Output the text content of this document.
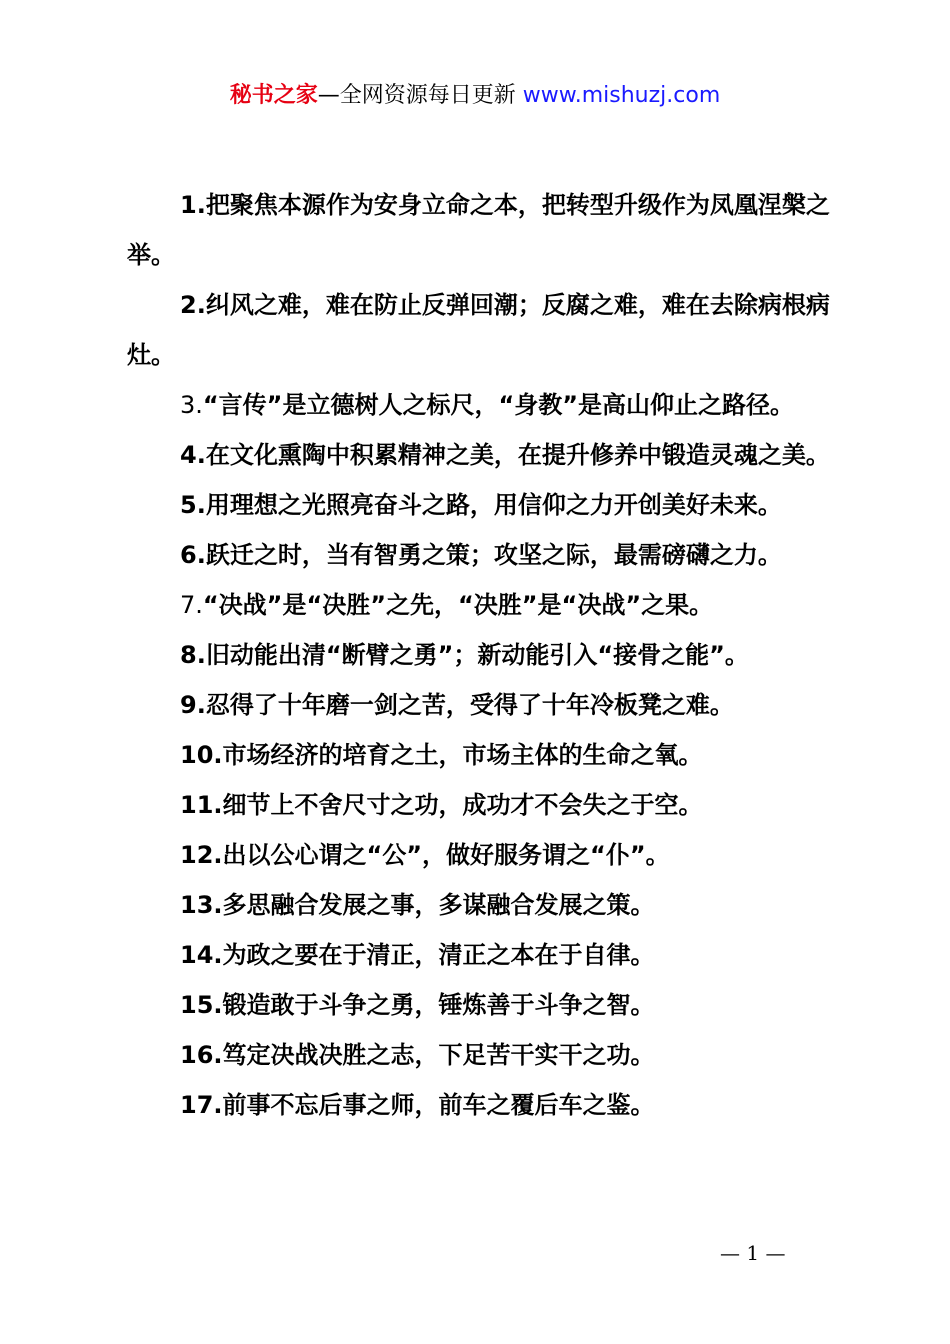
秘书之家—全网资源每日更新 www.mishuzj.com

1.把聚焦本源作为安身立命之本，把转型升级作为凤凰涅槃之举。

2.纠风之难，难在防止反弹回潮；反腐之难，难在去除病根病灶。

3.“言传”是立德树人之标尺，“身教”是高山仰止之路径。

4.在文化熏陶中积累精神之美，在提升修养中锻造灵魂之美。

5.用理想之光照亮奋斗之路，用信仰之力开创美好未来。

6.跃迁之时，当有智勇之策；攻坚之际，最需磅礴之力。

7.“决战”是“决胜”之先，“决胜”是“决战”之果。

8.旧动能出清“断臂之勇”；新动能引入“接骨之能”。

9.忍得了十年磨一剑之苦，受得了十年冷板凳之难。

10.市场经济的培育之土，市场主体的生命之氧。

11.细节上不舍尺寸之功，成功才不会失之于空。

12.出以公心谓之“公”，做好服务谓之“仆”。

13.多思融合发展之事，多谋融合发展之策。

14.为政之要在于清正，清正之本在于自律。

15.锻造敢于斗争之勇，锤炼善于斗争之智。

16.笃定决战决胜之志，下足苦干实干之功。

17.前事不忘后事之师，前车之覆后车之鉴。

— 1 —
